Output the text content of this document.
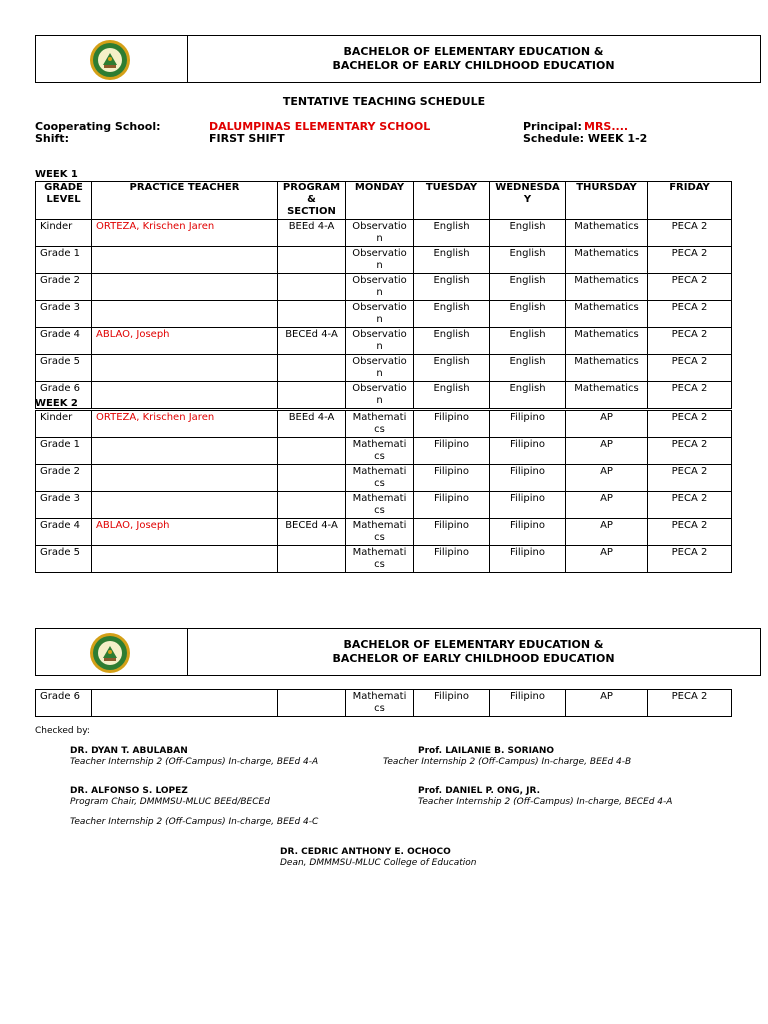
BACHELOR OF ELEMENTARY EDUCATION &
BACHELOR OF EARLY CHILDHOOD EDUCATION
TENTATIVE TEACHING SCHEDULE
Cooperating School:	DALUMPINAS ELEMENTARY SCHOOL	Principal: MRS....
Shift:	FIRST SHIFT	Schedule: WEEK 1-2
WEEK 1
GRADE LEVEL	PRACTICE TEACHER	PROGRAM & SECTION	MONDAY	TUESDAY	WEDNESDAY	THURSDAY	FRIDAY
Kinder	ORTEZA, Krischen Jaren	BEEd 4-A	Observation	English	English	Mathematics	PECA 2
Grade 1			Observation	English	English	Mathematics	PECA 2
Grade 2			Observation	English	English	Mathematics	PECA 2
Grade 3			Observation	English	English	Mathematics	PECA 2
Grade 4	ABLAO, Joseph	BECEd 4-A	Observation	English	English	Mathematics	PECA 2
Grade 5			Observation	English	English	Mathematics	PECA 2
Grade 6			Observation	English	English	Mathematics	PECA 2
WEEK 2
Kinder	ORTEZA, Krischen Jaren	BEEd 4-A	Mathematics	Filipino	Filipino	AP	PECA 2
Grade 1			Mathematics	Filipino	Filipino	AP	PECA 2
Grade 2			Mathematics	Filipino	Filipino	AP	PECA 2
Grade 3			Mathematics	Filipino	Filipino	AP	PECA 2
Grade 4	ABLAO, Joseph	BECEd 4-A	Mathematics	Filipino	Filipino	AP	PECA 2
Grade 5			Mathematics	Filipino	Filipino	AP	PECA 2
BACHELOR OF ELEMENTARY EDUCATION &
BACHELOR OF EARLY CHILDHOOD EDUCATION
Grade 6			Mathematics	Filipino	Filipino	AP	PECA 2
Checked by:
DR. DYAN T. ABULABAN
Teacher Internship 2 (Off-Campus) In-charge, BEEd 4-A
Prof. LAILANIE B. SORIANO
Teacher Internship 2 (Off-Campus) In-charge, BEEd 4-B
DR. ALFONSO S. LOPEZ
Program Chair, DMMMSU-MLUC BEEd/BECEd
Prof. DANIEL P. ONG, JR.
Teacher Internship 2 (Off-Campus) In-charge, BECEd 4-A
Teacher Internship 2 (Off-Campus) In-charge, BEEd 4-C
DR. CEDRIC ANTHONY E. OCHOCO
Dean, DMMMSU-MLUC College of Education
